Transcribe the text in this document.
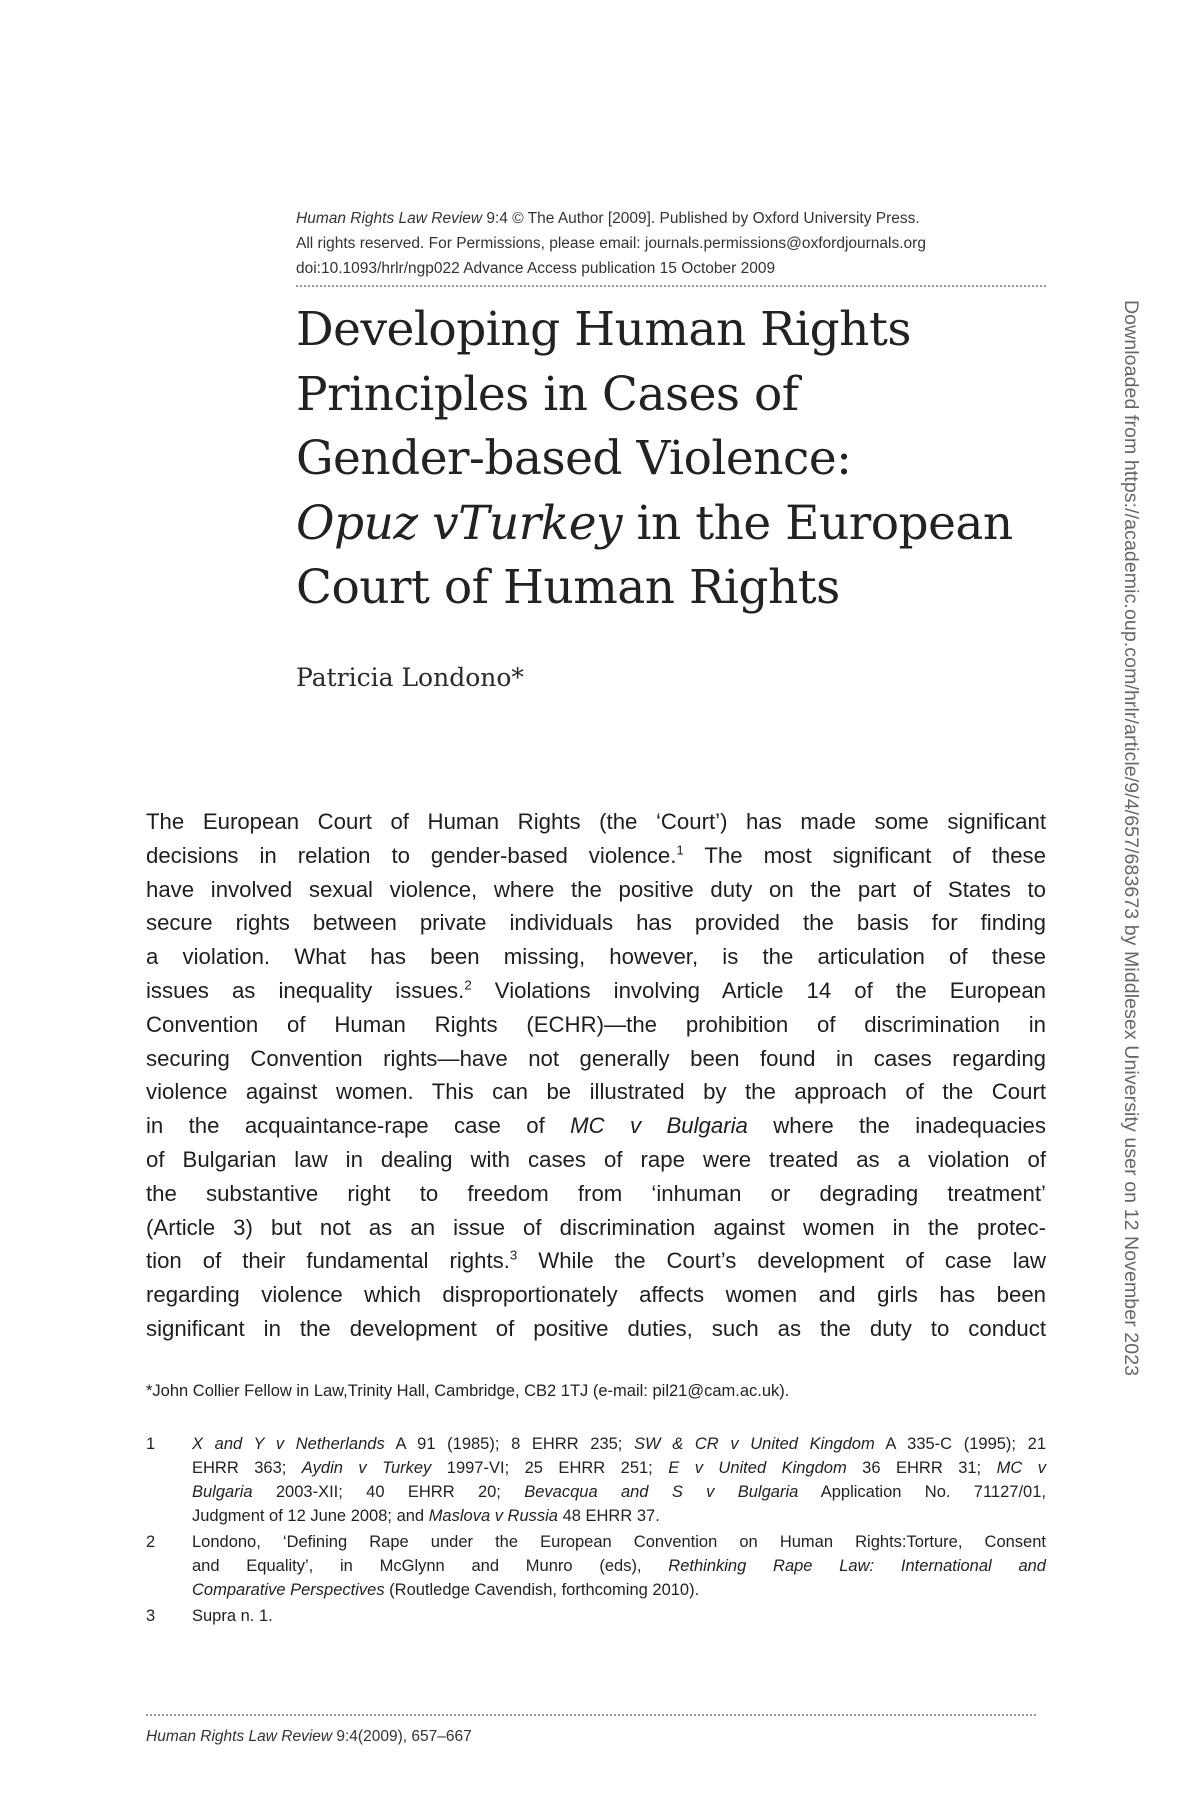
Human Rights Law Review 9:4 © The Author [2009]. Published by Oxford University Press.
All rights reserved. For Permissions, please email: journals.permissions@oxfordjournals.org
doi:10.1093/hrlr/ngp022 Advance Access publication 15 October 2009
Developing Human Rights
Principles in Cases of
Gender-based Violence:
Opuz vTurkey in the European
Court of Human Rights
Patricia Londono*
The European Court of Human Rights (the ‘Court’) has made some significant
decisions in relation to gender-based violence.$^1$ The most significant of these
have involved sexual violence, where the positive duty on the part of States to
secure rights between private individuals has provided the basis for finding
a violation. What has been missing, however, is the articulation of these
issues as inequality issues.$^2$ Violations involving Article 14 of the European
Convention of Human Rights (ECHR)—the prohibition of discrimination in
securing Convention rights—have not generally been found in cases regarding
violence against women. This can be illustrated by the approach of the Court
in the acquaintance-rape case of MC v Bulgaria where the inadequacies
of Bulgarian law in dealing with cases of rape were treated as a violation of
the substantive right to freedom from ‘inhuman or degrading treatment’
(Article 3) but not as an issue of discrimination against women in the protec-
tion of their fundamental rights.$^3$ While the Court’s development of case law
regarding violence which disproportionately affects women and girls has been
significant in the development of positive duties, such as the duty to conduct
*John Collier Fellow in Law,Trinity Hall, Cambridge, CB2 1TJ (e-mail: pil21@cam.ac.uk).
1 X and Y v Netherlands A 91 (1985); 8 EHRR 235; SW & CR v United Kingdom A 335-C (1995); 21
EHRR 363; Aydin v Turkey 1997-VI; 25 EHRR 251; E v United Kingdom 36 EHRR 31; MC v
Bulgaria 2003-XII; 40 EHRR 20; Bevacqua and S v Bulgaria Application No. 71127/01,
Judgment of 12 June 2008; and Maslova v Russia 48 EHRR 37.
2 Londono, ‘Defining Rape under the European Convention on Human Rights:Torture, Consent
and Equality’, in McGlynn and Munro (eds), Rethinking Rape Law: International and
Comparative Perspectives (Routledge Cavendish, forthcoming 2010).
3 Supra n. 1.
Human Rights Law Review 9:4(2009), 657–667
Downloaded from https://academic.oup.com/hrlr/article/9/4/657/683673 by Middlesex University user on 12 November 2023
